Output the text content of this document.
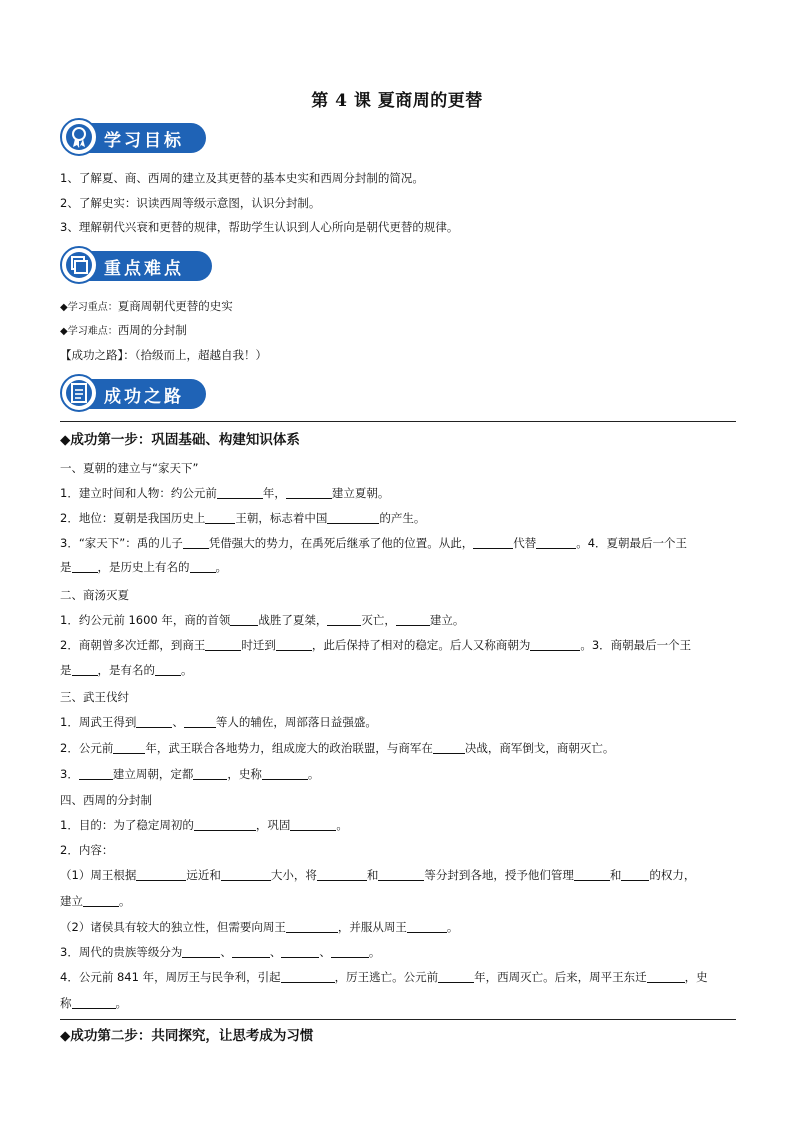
第 4 课 夏商周的更替
学习目标
1、了解夏、商、西周的建立及其更替的基本史实和西周分封制的简况。
2、了解史实：识读西周等级示意图，认识分封制。
3、理解朝代兴衰和更替的规律，帮助学生认识到人心所向是朝代更替的规律。
重点难点
◆学习重点：夏商周朝代更替的史实
◆学习难点：西周的分封制
【成功之路】：（拾级而上，超越自我！）
成功之路
◆成功第一步：巩固基础、构建知识体系
一、夏朝的建立与“家天下”
1．建立时间和人物：约公元前	年，	建立夏朝。
2．地位：夏朝是我国历史上	王朝，标志着中国	的产生。
3．“家天下”：禹的儿子 凭借强大的势力，在禹死后继承了他的位置。从此，	代替	。4．夏朝最后一个王
是 ，是历史上有名的 。
二、商汤灭夏
1．约公元前 1600 年，商的首领 战胜了夏桀，	灭亡，	建立。
2．商朝曾多次迁都，到商王	时迁到	，此后保持了相对的稳定。后人又称商朝为	。3．商朝最后一个王
是 ，是有名的 。
三、武王伐纣
1．周武王得到	、	等人的辅佐，周部落日益强盛。
2．公元前	年，武王联合各地势力，组成庞大的政治联盟，与商军在	决战，商军倒戈，商朝灭亡。
3．	建立周朝，定都	，史称	。
四、西周的分封制
1．目的：为了稳定周初的	，巩固	。
2．内容：
（1）周王根据	远近和	大小，将	和	等分封到各地，授予他们管理	和 的权力，
建立	。
（2）诸侯具有较大的独立性，但需要向周王	，并服从周王	。
3．周代的贵族等级分为	、	、	、	。
4．公元前 841 年，周厉王与民争利，引起	，厉王逃亡。公元前	年，西周灭亡。后来，周平王东迁	，史
称	。
◆成功第二步：共同探究，让思考成为习惯
